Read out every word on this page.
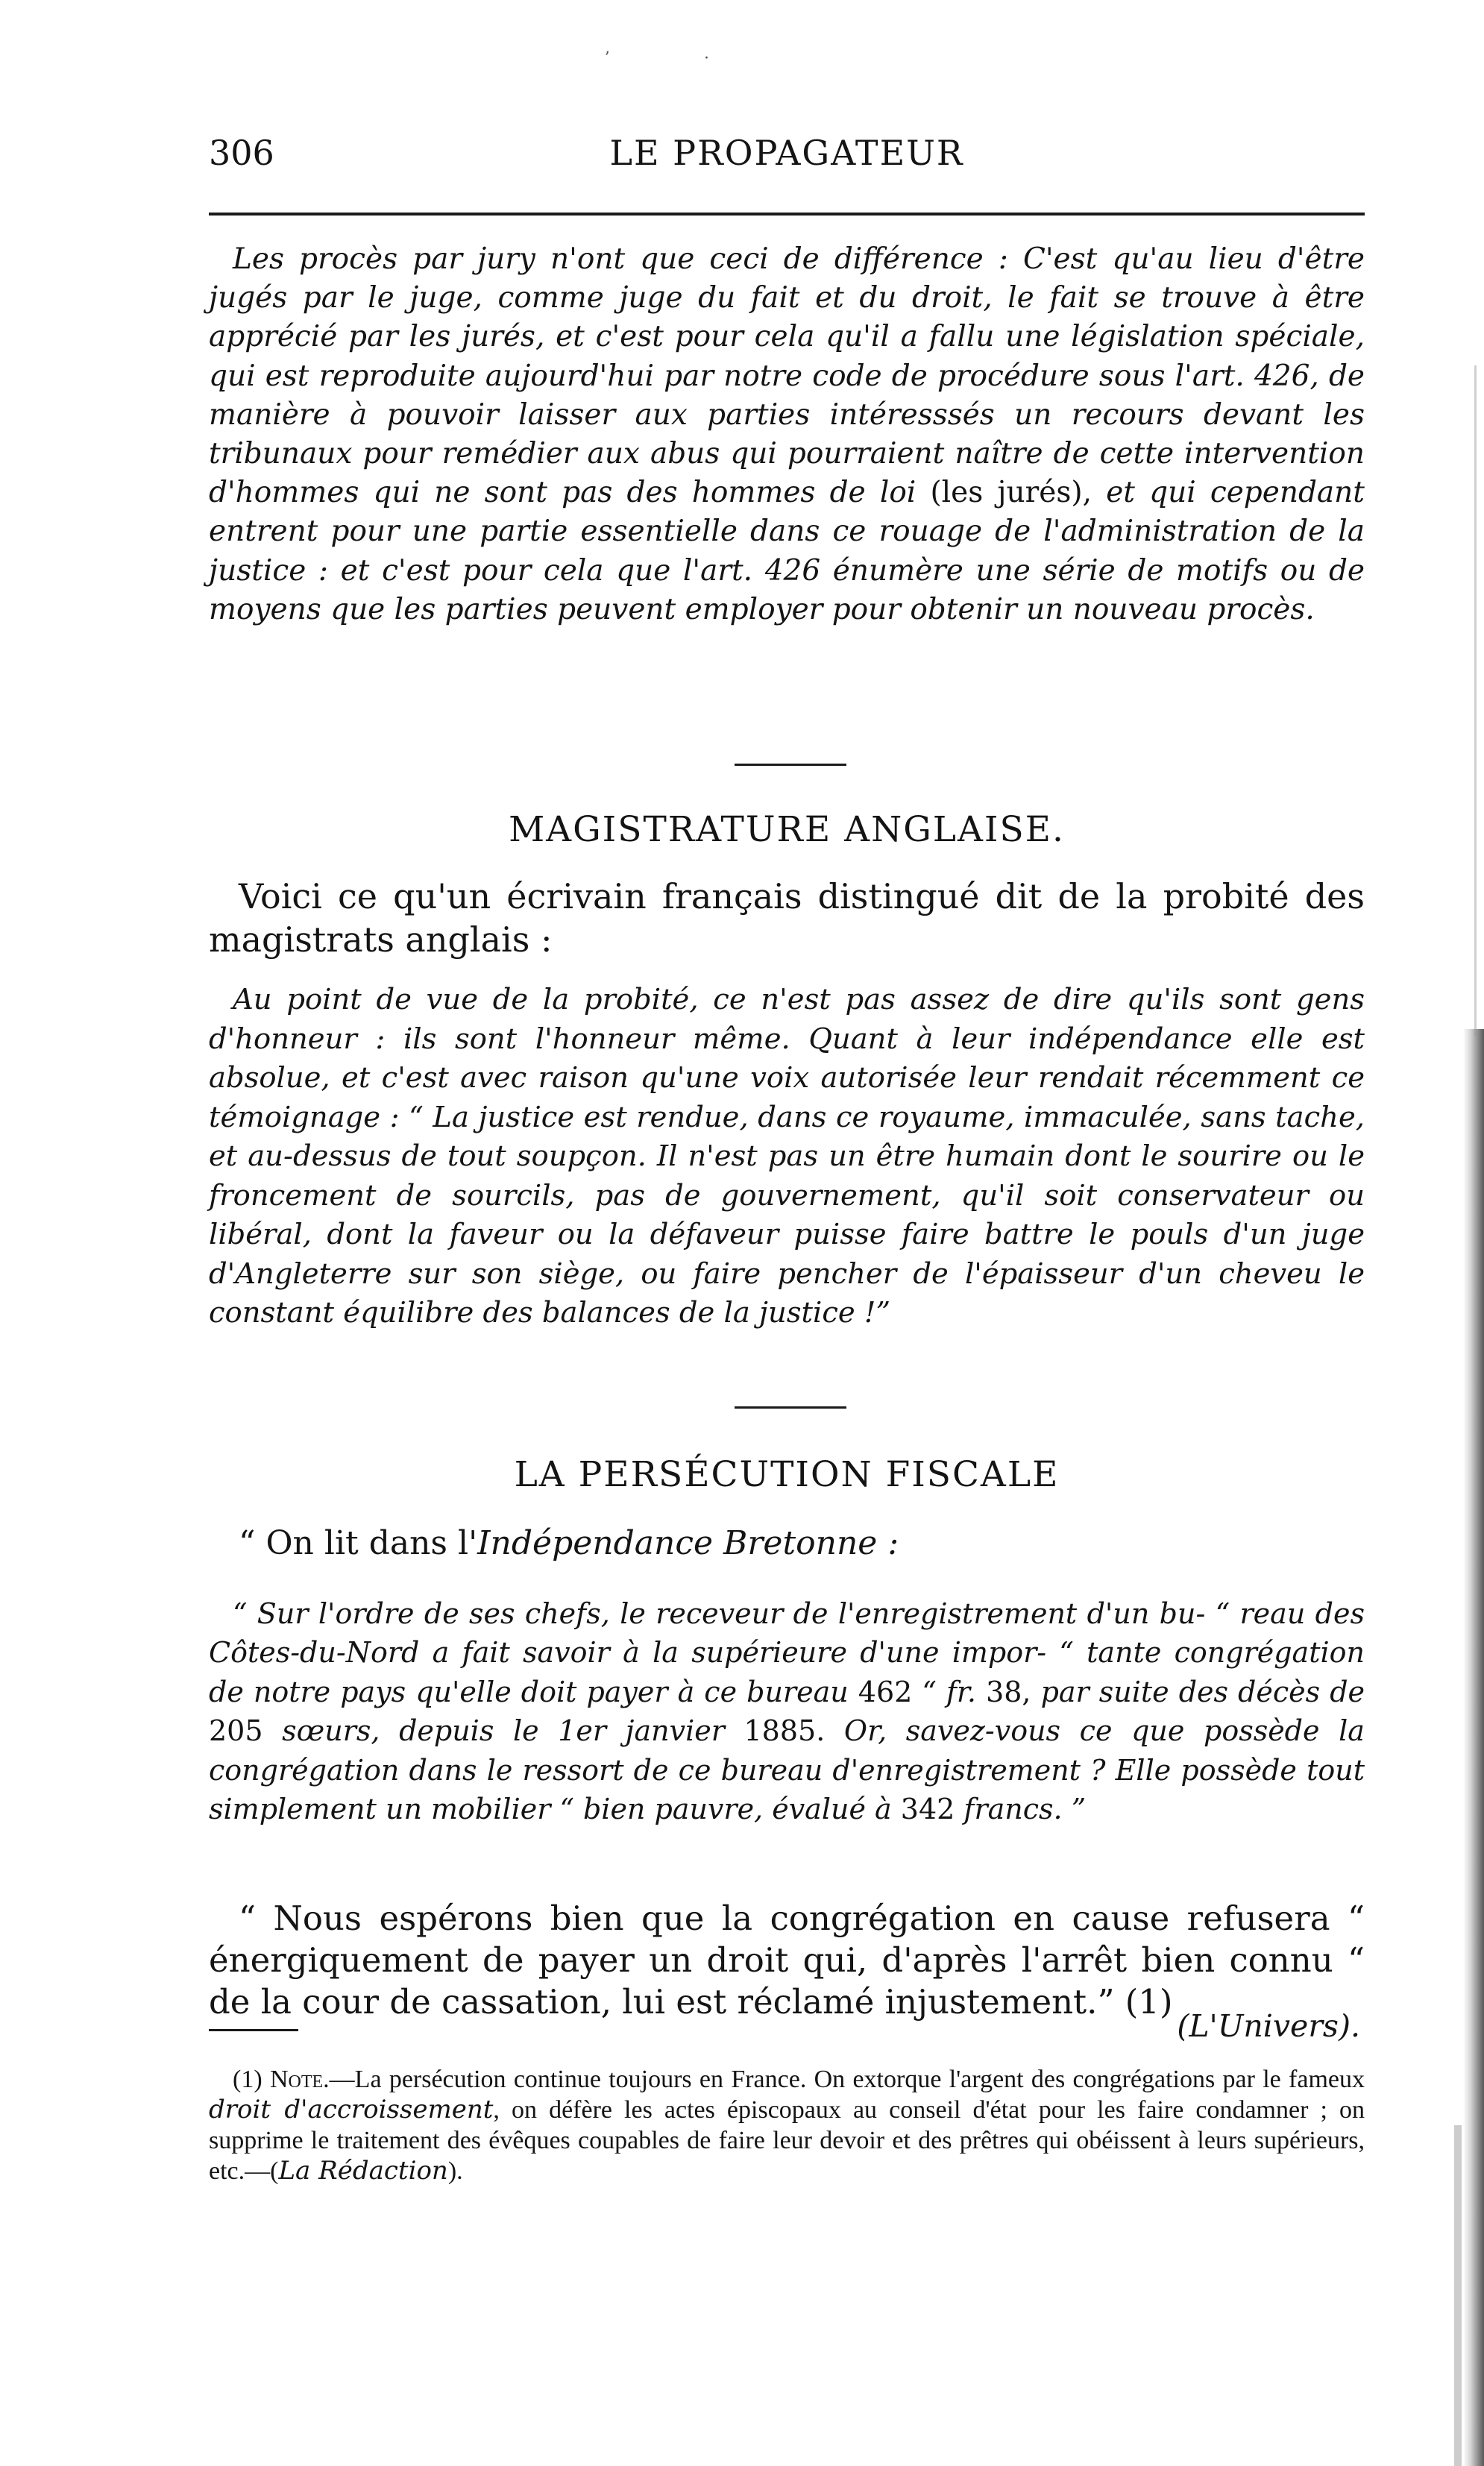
ʼ ·
306	LE PROPAGATEUR

Les procès par jury n'ont que ceci de différence : C'est qu'au lieu d'être jugés par le juge, comme juge du fait et du droit, le fait se trouve à être apprécié par les jurés, et c'est pour cela qu'il a fallu une législation spéciale, qui est reproduite aujourd'hui par notre code de procédure sous l'art. 426, de manière à pouvoir laisser aux parties intéresssés un recours devant les tribunaux pour remédier aux abus qui pourraient naître de cette intervention d'hommes qui ne sont pas des hommes de loi (les jurés), et qui cependant entrent pour une partie essentielle dans ce rouage de l'administration de la justice : et c'est pour cela que l'art. 426 énumère une série de motifs ou de moyens que les parties peuvent employer pour obtenir un nouveau procès.

MAGISTRATURE ANGLAISE.

Voici ce qu'un écrivain français distingué dit de la probité des magistrats anglais :

Au point de vue de la probité, ce n'est pas assez de dire qu'ils sont gens d'honneur : ils sont l'honneur même. Quant à leur indépendance elle est absolue, et c'est avec raison qu'une voix autorisée leur rendait récemment ce témoignage : “ La justice est rendue, dans ce royaume, immaculée, sans tache, et au-dessus de tout soupçon. Il n'est pas un être humain dont le sourire ou le froncement de sourcils, pas de gouvernement, qu'il soit conservateur ou libéral, dont la faveur ou la défaveur puisse faire battre le pouls d'un juge d'Angleterre sur son siège, ou faire pencher de l'épaisseur d'un cheveu le constant équilibre des balances de la justice !”

LA PERSÉCUTION FISCALE

“ On lit dans l'Indépendance Bretonne :

“ Sur l'ordre de ses chefs, le receveur de l'enregistrement d'un bu- “ reau des Côtes-du-Nord a fait savoir à la supérieure d'une impor- “ tante congrégation de notre pays qu'elle doit payer à ce bureau 462 “ fr. 38, par suite des décès de 205 sœurs, depuis le 1er janvier 1885. Or, savez-vous ce que possède la congrégation dans le ressort de ce bureau d'enregistrement ? Elle possède tout simplement un mobilier “ bien pauvre, évalué à 342 francs. ”

“ Nous espérons bien que la congrégation en cause refusera “ énergiquement de payer un droit qui, d'après l'arrêt bien connu “ de la cour de cassation, lui est réclamé injustement.” (1)

(L'Univers).

(1) Note.—La persécution continue toujours en France. On extorque l'argent des congrégations par le fameux droit d'accroissement, on défère les actes épiscopaux au conseil d'état pour les faire condamner ; on supprime le traitement des évêques coupables de faire leur devoir et des prêtres qui obéissent à leurs supérieurs, etc.—(La Rédaction).
